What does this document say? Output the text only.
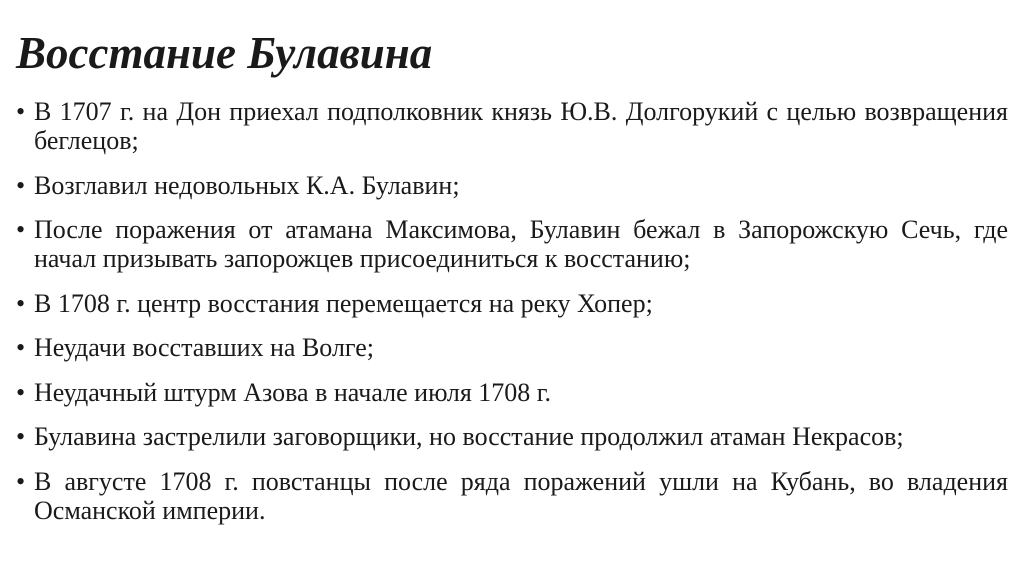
Восстание Булавина
• В 1707 г. на Дон приехал подполковник князь Ю.В. Долгорукий с целью возвращения беглецов;
• Возглавил недовольных К.А. Булавин;
• После поражения от атамана Максимова, Булавин бежал в Запорожскую Сечь, где начал призывать запорожцев присоединиться к восстанию;
• В 1708 г. центр восстания перемещается на реку Хопер;
• Неудачи восставших на Волге;
• Неудачный штурм Азова в начале июля 1708 г.
• Булавина застрелили заговорщики, но восстание продолжил атаман Некрасов;
• В августе 1708 г. повстанцы после ряда поражений ушли на Кубань, во владения Османской империи.
